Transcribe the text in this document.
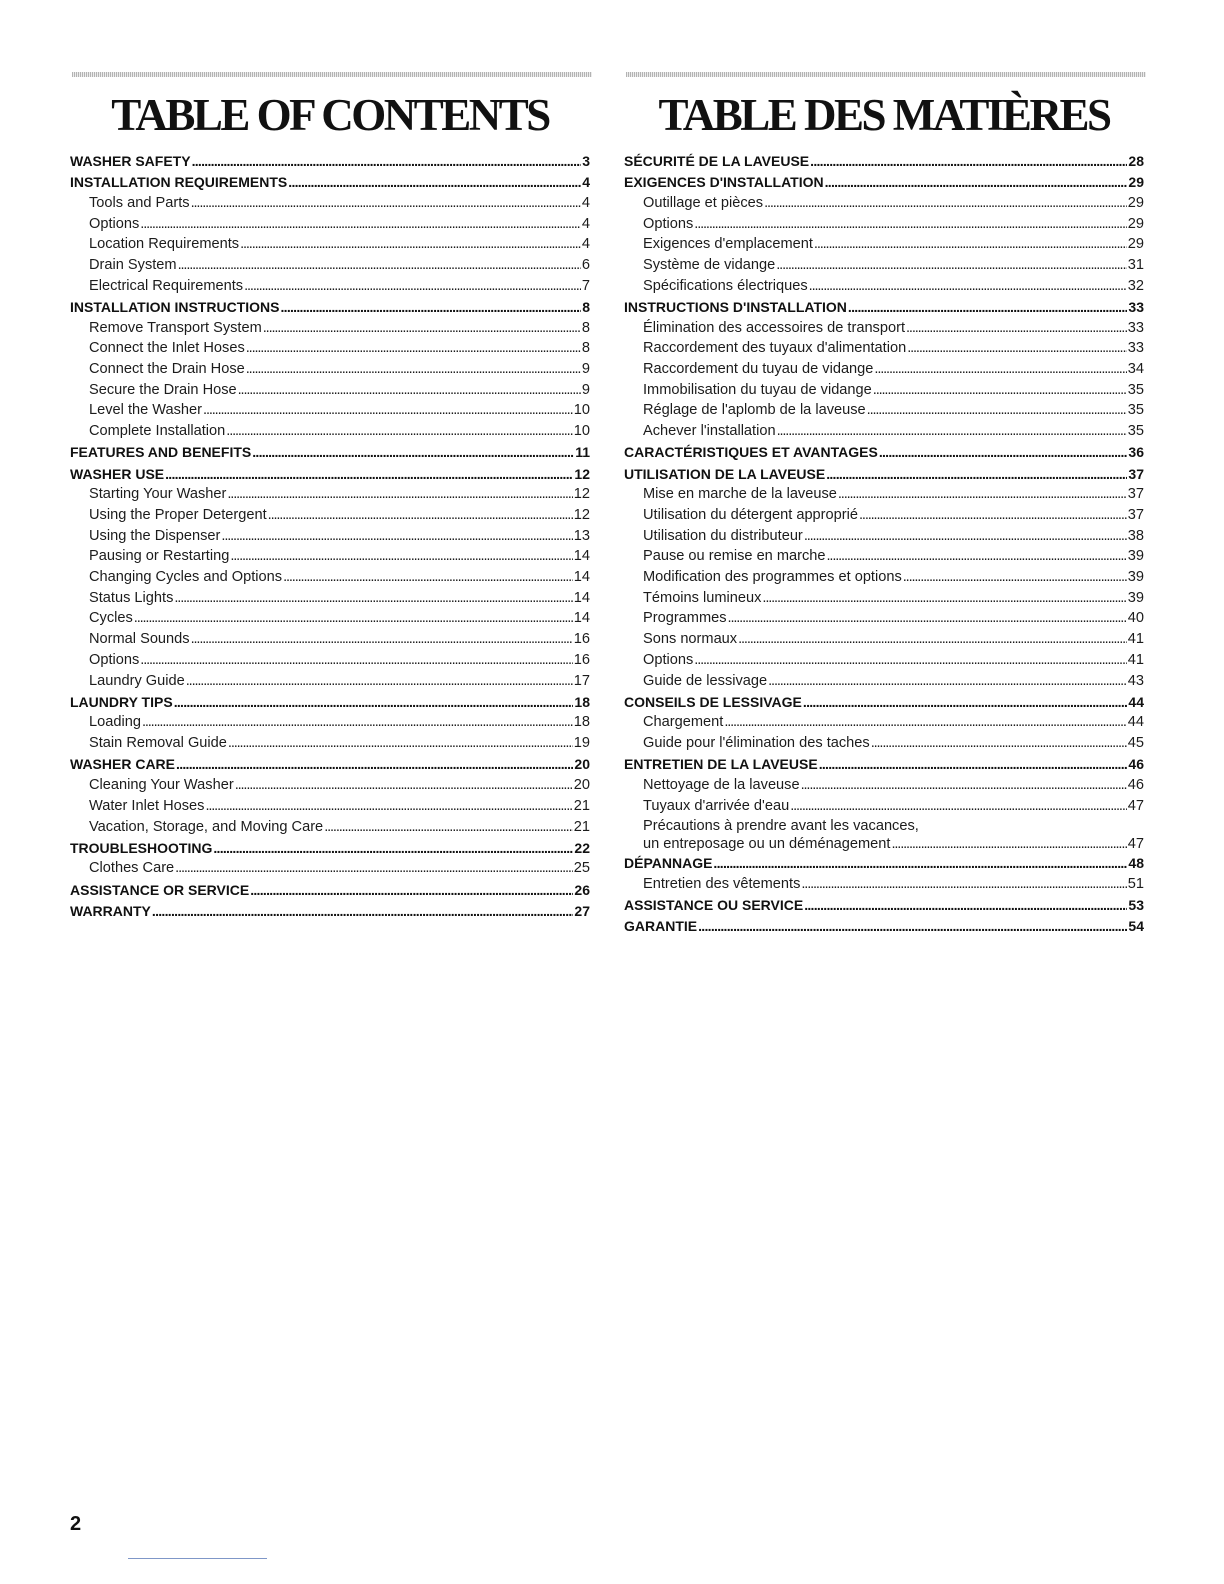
TABLE OF CONTENTS
WASHER SAFETY . . .	3
INSTALLATION REQUIREMENTS . . .	4
Tools and Parts . . .	4
Options . . .	4
Location Requirements . . .	4
Drain System . . .	6
Electrical Requirements . . .	7
INSTALLATION INSTRUCTIONS . . .	8
Remove Transport System . . .	8
Connect the Inlet Hoses . . .	8
Connect the Drain Hose . . .	9
Secure the Drain Hose . . .	9
Level the Washer . . .	10
Complete Installation . . .	10
FEATURES AND BENEFITS . . .	11
WASHER USE . . .	12
Starting Your Washer . . .	12
Using the Proper Detergent . . .	12
Using the Dispenser . . .	13
Pausing or Restarting . . .	14
Changing Cycles and Options . . .	14
Status Lights . . .	14
Cycles . . .	14
Normal Sounds . . .	16
Options . . .	16
Laundry Guide . . .	17
LAUNDRY TIPS . . .	18
Loading . . .	18
Stain Removal Guide . . .	19
WASHER CARE . . .	20
Cleaning Your Washer . . .	20
Water Inlet Hoses . . .	21
Vacation, Storage, and Moving Care . . .	21
TROUBLESHOOTING . . .	22
Clothes Care . . .	25
ASSISTANCE OR SERVICE . . .	26
WARRANTY . . .	27
TABLE DES MATIÈRES
SÉCURITÉ DE LA LAVEUSE . . .	28
EXIGENCES D'INSTALLATION . . .	29
Outillage et pièces . . .	29
Options . . .	29
Exigences d'emplacement . . .	29
Système de vidange . . .	31
Spécifications électriques . . .	32
INSTRUCTIONS D'INSTALLATION . . .	33
Élimination des accessoires de transport . . .	33
Raccordement des tuyaux d'alimentation . . .	33
Raccordement du tuyau de vidange . . .	34
Immobilisation du tuyau de vidange . . .	35
Réglage de l'aplomb de la laveuse . . .	35
Achever l'installation . . .	35
CARACTÉRISTIQUES ET AVANTAGES . . .	36
UTILISATION DE LA LAVEUSE . . .	37
Mise en marche de la laveuse . . .	37
Utilisation du détergent approprié . . .	37
Utilisation du distributeur . . .	38
Pause ou remise en marche . . .	39
Modification des programmes et options . . .	39
Témoins lumineux . . .	39
Programmes . . .	40
Sons normaux . . .	41
Options . . .	41
Guide de lessivage . . .	43
CONSEILS DE LESSIVAGE . . .	44
Chargement . . .	44
Guide pour l'élimination des taches . . .	45
ENTRETIEN DE LA LAVEUSE . . .	46
Nettoyage de la laveuse . . .	46
Tuyaux d'arrivée d'eau . . .	47
Précautions à prendre avant les vacances,
un entreposage ou un déménagement . . .	47
DÉPANNAGE . . .	48
Entretien des vêtements . . .	51
ASSISTANCE OU SERVICE . . .	53
GARANTIE . . .	54
2
